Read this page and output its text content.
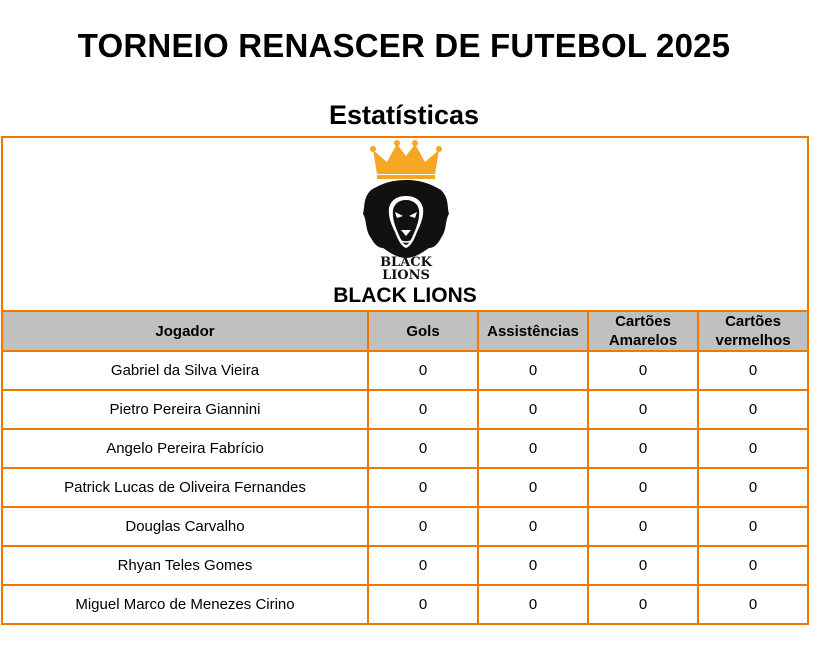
TORNEIO RENASCER DE FUTEBOL 2025
Estatísticas
BLACK
LIONS
BLACK LIONS				

Jogador	Gols	Assistências	Cartões Amarelos	Cartões vermelhos
Gabriel da Silva Vieira	0	0	0	0
Pietro Pereira Giannini	0	0	0	0
Angelo Pereira Fabrício	0	0	0	0
Patrick Lucas de Oliveira Fernandes	0	0	0	0
Douglas Carvalho	0	0	0	0
Rhyan Teles Gomes	0	0	0	0
Miguel Marco de Menezes Cirino	0	0	0	0
